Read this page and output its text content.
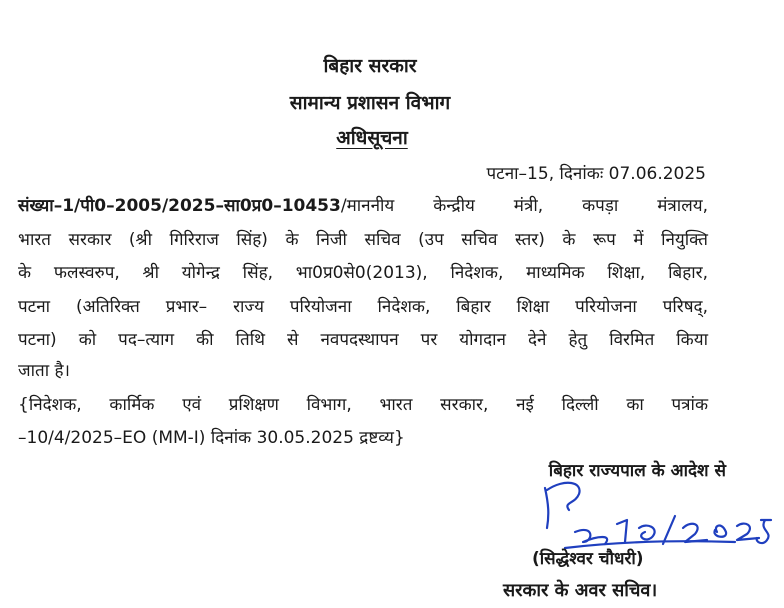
बिहार सरकार
सामान्य प्रशासन विभाग
अधिसूचना
पटना–15, दिनांकः 07.06.2025
संख्या–1/पी0–2005/2025–सा0प्र0–10453/माननीय केन्द्रीय मंत्री, कपड़ा मंत्रालय,
भारत सरकार (श्री गिरिराज सिंह) के निजी सचिव (उप सचिव स्तर) के रूप में नियुक्ति
के फलस्वरुप, श्री योगेन्द्र सिंह, भा0प्र0से0(2013), निदेशक, माध्यमिक शिक्षा, बिहार,
पटना (अतिरिक्त प्रभार– राज्य परियोजना निदेशक, बिहार शिक्षा परियोजना परिषद्,
पटना) को पद–त्याग की तिथि से नवपदस्थापन पर योगदान देने हेतु विरमित किया
जाता है।
{निदेशक, कार्मिक एवं प्रशिक्षण विभाग, भारत सरकार, नई दिल्ली का पत्रांक
–10/4/2025–EO (MM-I) दिनांक 30.05.2025 द्रष्टव्य}
बिहार राज्यपाल के आदेश से
(सिद्धेश्वर चौधरी)
सरकार के अवर सचिव।
